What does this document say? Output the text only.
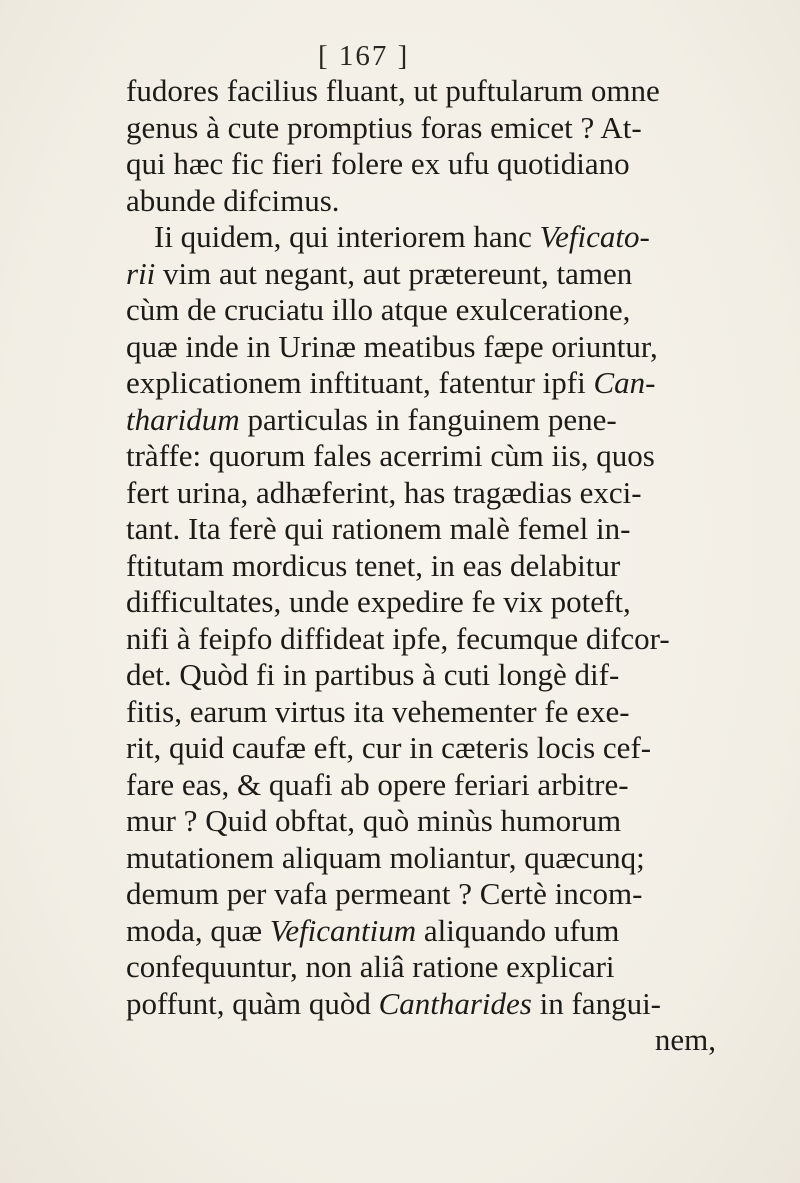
[ 167 ]
fudores facilius fluant, ut puftularum omne
genus à cute promptius foras emicet ? At-
qui hæc fic fieri folere ex ufu quotidiano
abunde difcimus.
Ii quidem, qui interiorem hanc Veficato-
rii vim aut negant, aut prætereunt, tamen
cùm de cruciatu illo atque exulceratione,
quæ inde in Urinæ meatibus fæpe oriuntur,
explicationem inftituant, fatentur ipfi Can-
tharidum particulas in fanguinem pene-
tràffe: quorum fales acerrimi cùm iis, quos
fert urina, adhæferint, has tragædias exci-
tant. Ita ferè qui rationem malè femel in-
ftitutam mordicus tenet, in eas delabitur
difficultates, unde expedire fe vix poteft,
nifi à feipfo diffideat ipfe, fecumque difcor-
det. Quòd fi in partibus à cuti longè dif-
fitis, earum virtus ita vehementer fe exe-
rit, quid caufæ eft, cur in cæteris locis cef-
fare eas, & quafi ab opere feriari arbitre-
mur ? Quid obftat, quò minùs humorum
mutationem aliquam moliantur, quæcunq;
demum per vafa permeant ? Certè incom-
moda, quæ Veficantium aliquando ufum
confequuntur, non aliâ ratione explicari
poffunt, quàm quòd Cantharides in fangui-
nem,
